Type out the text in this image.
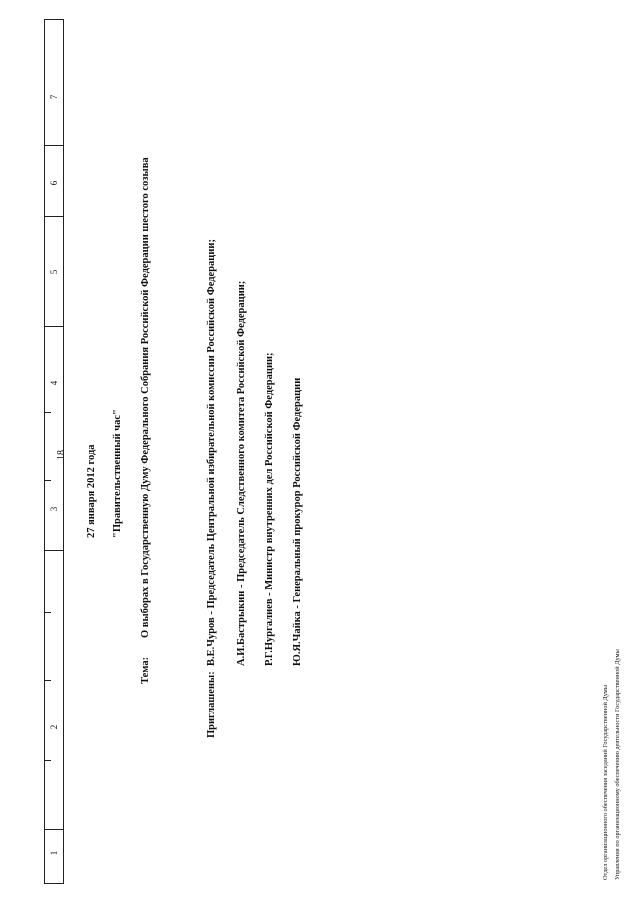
18
1
2
3
4
5
6
7
27 января 2012 года "Правительственный час"
Тема:
О выборах в Государственную Думу Федерального Собрания Российской Федерации шестого созыва
Приглашены:
В.Е.Чуров - Председатель Центральной избирательной комиссии Российской Федерации; А.И.Бастрыкин - Председатель Следственного комитета Российской Федерации; Р.Г.Нургалиев - Министр внутренних дел Российской Федерации; Ю.Я.Чайка - Генеральный прокурор Российской Федерации
Отдел организационного обеспечения заседаний Государственной Думы Управления по организационному обеспечению деятельности Государственной Думы
